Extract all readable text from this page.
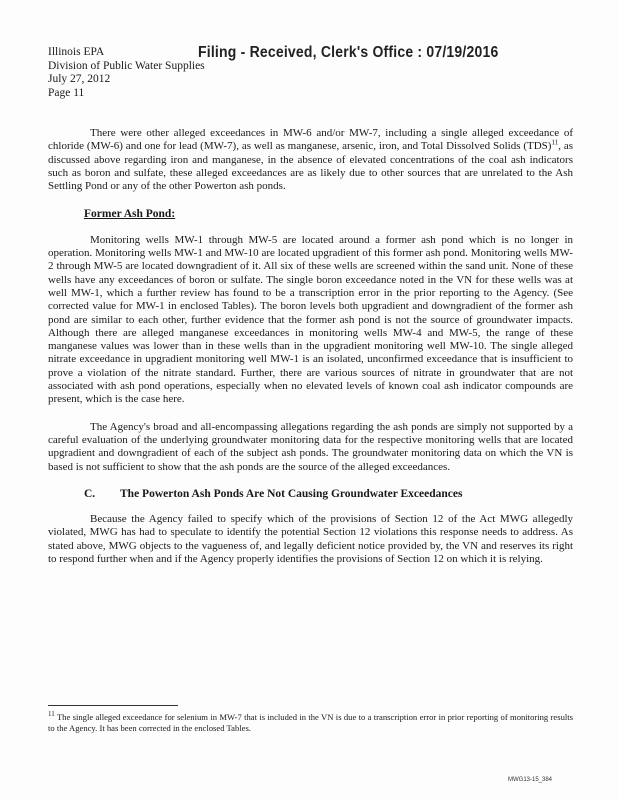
Filing - Received, Clerk's Office : 07/19/2016
Illinois EPA
Division of Public Water Supplies
July 27, 2012
Page 11

There were other alleged exceedances in MW-6 and/or MW-7, including a single alleged exceedance of chloride (MW-6) and one for lead (MW-7), as well as manganese, arsenic, iron, and Total Dissolved Solids (TDS)$^{11}$, as discussed above regarding iron and manganese, in the absence of elevated concentrations of the coal ash indicators such as boron and sulfate, these alleged exceedances are as likely due to other sources that are unrelated to the Ash Settling Pond or any of the other Powerton ash ponds.

Former Ash Pond:

Monitoring wells MW-1 through MW-5 are located around a former ash pond which is no longer in operation. Monitoring wells MW-1 and MW-10 are located upgradient of this former ash pond. Monitoring wells MW-2 through MW-5 are located downgradient of it. All six of these wells are screened within the sand unit. None of these wells have any exceedances of boron or sulfate. The single boron exceedance noted in the VN for these wells was at well MW-1, which a further review has found to be a transcription error in the prior reporting to the Agency. (See corrected value for MW-1 in enclosed Tables). The boron levels both upgradient and downgradient of the former ash pond are similar to each other, further evidence that the former ash pond is not the source of groundwater impacts. Although there are alleged manganese exceedances in monitoring wells MW-4 and MW-5, the range of these manganese values was lower than in these wells than in the upgradient monitoring well MW-10. The single alleged nitrate exceedance in upgradient monitoring well MW-1 is an isolated, unconfirmed exceedance that is insufficient to prove a violation of the nitrate standard. Further, there are various sources of nitrate in groundwater that are not associated with ash pond operations, especially when no elevated levels of known coal ash indicator compounds are present, which is the case here.

The Agency's broad and all-encompassing allegations regarding the ash ponds are simply not supported by a careful evaluation of the underlying groundwater monitoring data for the respective monitoring wells that are located upgradient and downgradient of each of the subject ash ponds. The groundwater monitoring data on which the VN is based is not sufficient to show that the ash ponds are the source of the alleged exceedances.

C. The Powerton Ash Ponds Are Not Causing Groundwater Exceedances

Because the Agency failed to specify which of the provisions of Section 12 of the Act MWG allegedly violated, MWG has had to speculate to identify the potential Section 12 violations this response needs to address. As stated above, MWG objects to the vagueness of, and legally deficient notice provided by, the VN and reserves its right to respond further when and if the Agency properly identifies the provisions of Section 12 on which it is relying.

$^{11}$ The single alleged exceedance for selenium in MW-7 that is included in the VN is due to a transcription error in prior reporting of monitoring results to the Agency. It has been corrected in the enclosed Tables.
MWG13-15_384
